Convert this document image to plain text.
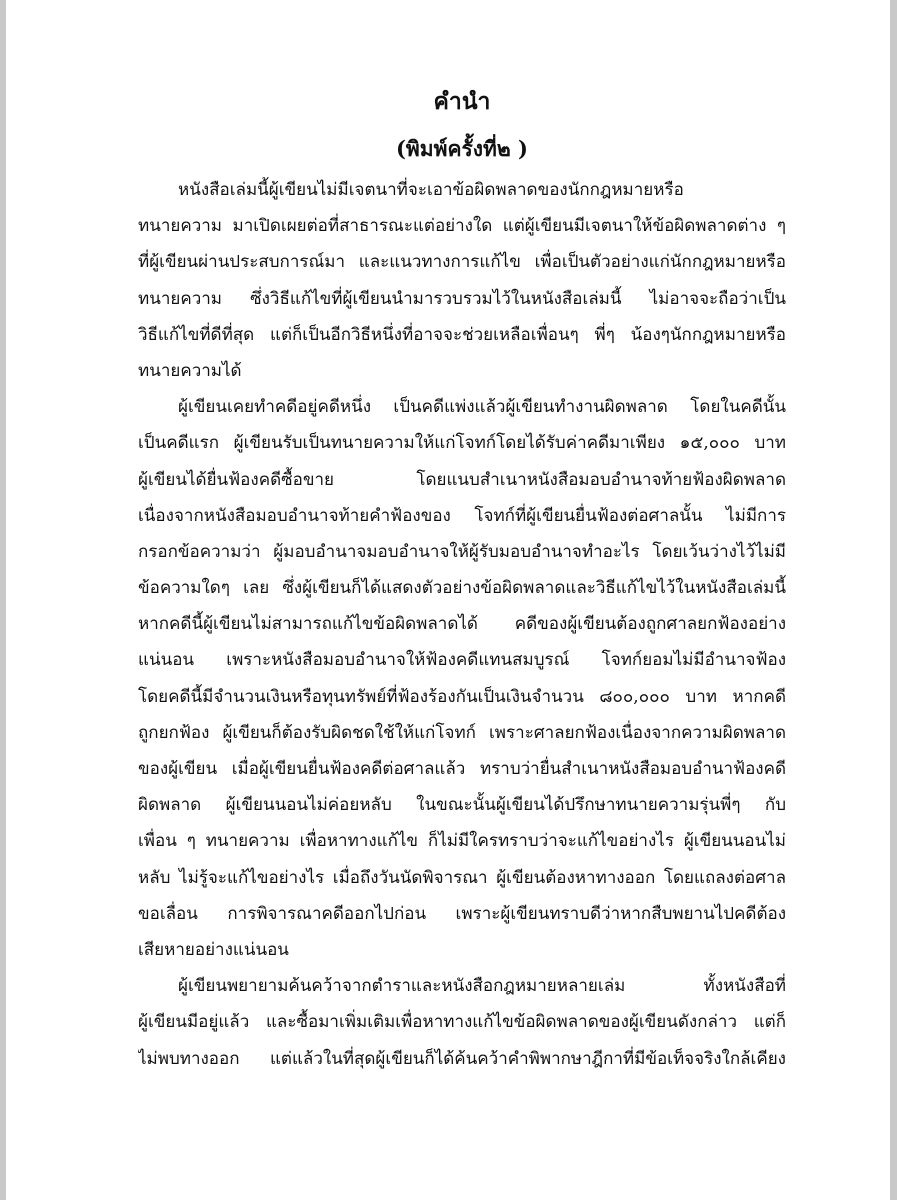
คำนำ
(พิมพ์ครั้งที่๒ )
หนังสือเล่มนี้ผู้เขียนไม่มีเจตนาที่จะเอาข้อผิดพลาดของนักกฎหมายหรือ
ทนายความ มาเปิดเผยต่อที่สาธารณะแต่อย่างใด แต่ผู้เขียนมีเจตนาให้ข้อผิดพลาดต่าง ๆ
ที่ผู้เขียนผ่านประสบการณ์มา และแนวทางการแก้ไข เพื่อเป็นตัวอย่างแก่นักกฎหมายหรือ
ทนายความ ซึ่งวิธีแก้ไขที่ผู้เขียนนำมารวบรวมไว้ในหนังสือเล่มนี้ ไม่อาจจะถือว่าเป็น
วิธีแก้ไขที่ดีที่สุด แต่ก็เป็นอีกวิธีหนึ่งที่อาจจะช่วยเหลือเพื่อนๆ พี่ๆ น้องๆนักกฎหมายหรือ
ทนายความได้
ผู้เขียนเคยทำคดีอยู่คดีหนึ่ง เป็นคดีแพ่งแล้วผู้เขียนทำงานผิดพลาด โดยในคดีนั้น
เป็นคดีแรก ผู้เขียนรับเป็นทนายความให้แก่โจทก์โดยได้รับค่าคดีมาเพียง ๑๕,๐๐๐ บาท
ผู้เขียนได้ยื่นฟ้องคดีซื้อขาย โดยแนบสำเนาหนังสือมอบอำนาจท้ายฟ้องผิดพลาด
เนื่องจากหนังสือมอบอำนาจท้ายคำฟ้องของ โจทก์ที่ผู้เขียนยื่นฟ้องต่อศาลนั้น ไม่มีการ
กรอกข้อความว่า ผู้มอบอำนาจมอบอำนาจให้ผู้รับมอบอำนาจทำอะไร โดยเว้นว่างไว้ไม่มี
ข้อความใดๆ เลย ซึ่งผู้เขียนก็ได้แสดงตัวอย่างข้อผิดพลาดและวิธีแก้ไขไว้ในหนังสือเล่มนี้
หากคดีนี้ผู้เขียนไม่สามารถแก้ไขข้อผิดพลาดได้ คดีของผู้เขียนต้องถูกศาลยกฟ้องอย่าง
แน่นอน เพราะหนังสือมอบอำนาจให้ฟ้องคดีแทนสมบูรณ์ โจทก์ยอมไม่มีอำนาจฟ้อง
โดยคดีนี้มีจำนวนเงินหรือทุนทรัพย์ที่ฟ้องร้องกันเป็นเงินจำนวน ๘๐๐,๐๐๐ บาท หากคดี
ถูกยกฟ้อง ผู้เขียนก็ต้องรับผิดชดใช้ให้แก่โจทก์ เพราะศาลยกฟ้องเนื่องจากความผิดพลาด
ของผู้เขียน เมื่อผู้เขียนยื่นฟ้องคดีต่อศาลแล้ว ทราบว่ายื่นสำเนาหนังสือมอบอำนาฟ้องคดี
ผิดพลาด ผู้เขียนนอนไม่ค่อยหลับ ในขณะนั้นผู้เขียนได้ปรึกษาทนายความรุ่นพี่ๆ กับ
เพื่อน ๆ ทนายความ เพื่อหาทางแก้ไข ก็ไม่มีใครทราบว่าจะแก้ไขอย่างไร ผู้เขียนนอนไม่
หลับ ไม่รู้จะแก้ไขอย่างไร เมื่อถึงวันนัดพิจารณา ผู้เขียนต้องหาทางออก โดยแถลงต่อศาล
ขอเลื่อน การพิจารณาคดีออกไปก่อน เพราะผู้เขียนทราบดีว่าหากสืบพยานไปคดีต้อง
เสียหายอย่างแน่นอน
ผู้เขียนพยายามค้นคว้าจากตำราและหนังสือกฎหมายหลายเล่ม ทั้งหนังสือที่
ผู้เขียนมีอยู่แล้ว และซื้อมาเพิ่มเติมเพื่อหาทางแก้ไขข้อผิดพลาดของผู้เขียนดังกล่าว แต่ก็
ไม่พบทางออก แต่แล้วในที่สุดผู้เขียนก็ได้ค้นคว้าคำพิพากษาฎีกาที่มีข้อเท็จจริงใกล้เคียง
